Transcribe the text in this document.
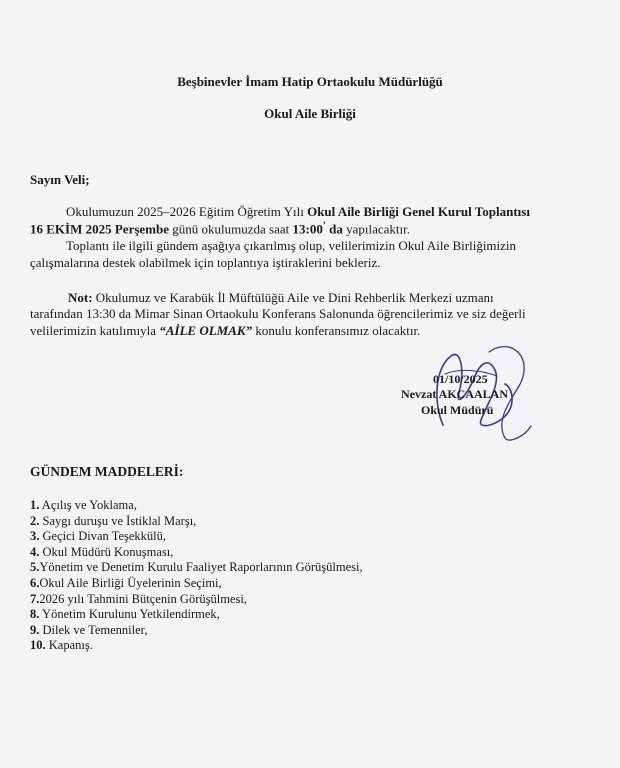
Beşbinevler İmam Hatip Ortaokulu Müdürlüğü
Okul Aile Birliği
Sayın Veli;
Okulumuzun 2025–2026 Eğitim Öğretim Yılı Okul Aile Birliği Genel Kurul Toplantısı
16 EKİM 2025 Perşembe günü okulumuzda saat 13:00’ da yapılacaktır.
Toplantı ile ilgili gündem aşağıya çıkarılmış olup, velilerimizin Okul Aile Birliğimizin
çalışmalarına destek olabilmek için toplantıya iştiraklerini bekleriz.
Not: Okulumuz ve Karabük İl Müftülüğü Aile ve Dini Rehberlik Merkezi uzmanı
tarafından 13:30 da Mimar Sinan Ortaokulu Konferans Salonunda öğrencilerimiz ve siz değerli
velilerimizin katılımıyla “AİLE OLMAK” konulu konferansımız olacaktır.
01/10/2025
Nevzat AKCAALAN
Okul Müdürü
GÜNDEM MADDELERİ:
1. Açılış ve Yoklama,
2. Saygı duruşu ve İstiklal Marşı,
3. Geçici Divan Teşekkülü,
4. Okul Müdürü Konuşması,
5.Yönetim ve Denetim Kurulu Faaliyet Raporlarının Görüşülmesi,
6.Okul Aile Birliği Üyelerinin Seçimi,
7.2026 yılı Tahmini Bütçenin Görüşülmesi,
8. Yönetim Kurulunu Yetkilendirmek,
9. Dilek ve Temenniler,
10. Kapanış.
